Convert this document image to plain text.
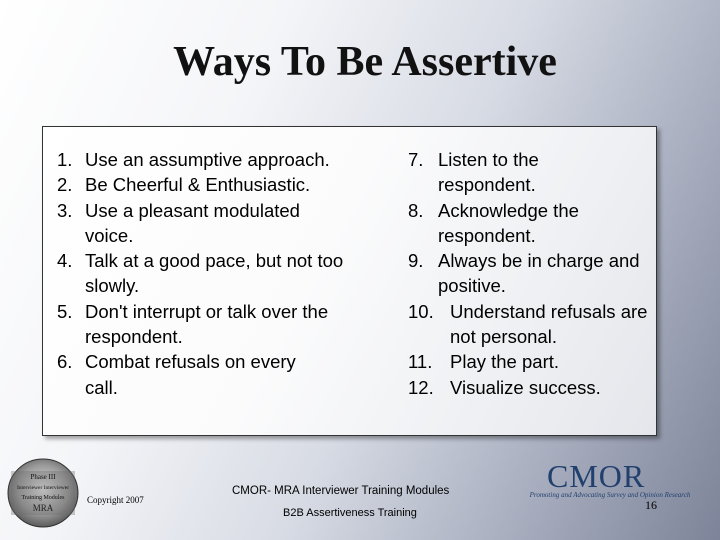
Ways To Be Assertive
1. Use an assumptive approach.
2. Be Cheerful & Enthusiastic.
3. Use a pleasant modulated voice.
4. Talk at a good pace, but not too slowly.
5. Don't interrupt or talk over the respondent.
6. Combat refusals on every call.
7. Listen to the respondent.
8. Acknowledge the respondent.
9. Always be in charge and positive.
10. Understand refusals are not personal.
11. Play the part.
12. Visualize success.
Phase III
Interviewer Interviewer
Training Modules
MRA
Copyright 2007
CMOR- MRA Interviewer Training Modules
B2B Assertiveness Training
CMOR
Promoting and Advocating Survey and Opinion Research
16
